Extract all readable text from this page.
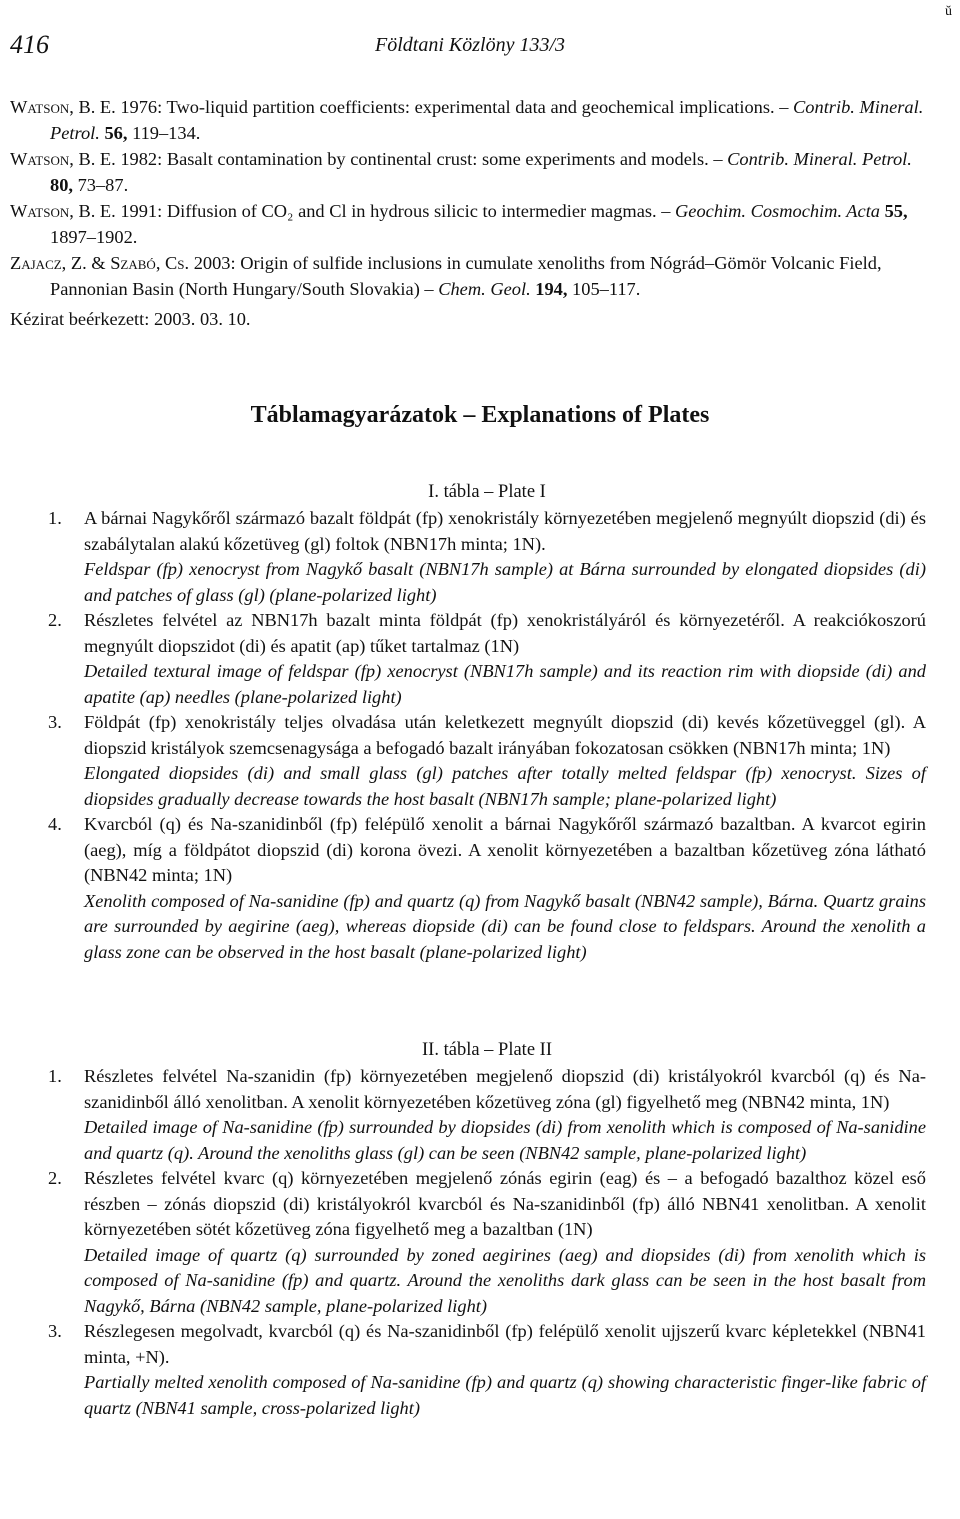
416	Földtani Közlöny 133/3
ŭ
Watson, B. E. 1976: Two-liquid partition coefficients: experimental data and geochemical implications. – Contrib. Mineral. Petrol. 56, 119–134.
Watson, B. E. 1982: Basalt contamination by continental crust: some experiments and models. – Contrib. Mineral. Petrol. 80, 73–87.
Watson, B. E. 1991: Diffusion of CO₂ and Cl in hydrous silicic to intermedier magmas. – Geochim. Cosmochim. Acta 55, 1897–1902.
Zajacz, Z. & Szabó, Cs. 2003: Origin of sulfide inclusions in cumulate xenoliths from Nógrád–Gömör Volcanic Field, Pannonian Basin (North Hungary/South Slovakia) – Chem. Geol. 194, 105–117.
Kézirat beérkezett: 2003. 03. 10.
Táblamagyarázatok – Explanations of Plates
I. tábla – Plate I
1. A bárnai Nagykőről származó bazalt földpát (fp) xenokristály környezetében megjelenő megnyúlt diopszid (di) és szabálytalan alakú kőzetüveg (gl) foltok (NBN17h minta; 1N).
Feldspar (fp) xenocryst from Nagykő basalt (NBN17h sample) at Bárna surrounded by elongated diopsides (di) and patches of glass (gl) (plane-polarized light)
2. Részletes felvétel az NBN17h bazalt minta földpát (fp) xenokristályáról és környezetéről. A reakciókoszorú megnyúlt diopszidot (di) és apatit (ap) tűket tartalmaz (1N)
Detailed textural image of feldspar (fp) xenocryst (NBN17h sample) and its reaction rim with diopside (di) and apatite (ap) needles (plane-polarized light)
3. Földpát (fp) xenokristály teljes olvadása után keletkezett megnyúlt diopszid (di) kevés kőzetüveggel (gl). A diopszid kristályok szemcsenagysága a befogadó bazalt irányában fokozatosan csökken (NBN17h minta; 1N)
Elongated diopsides (di) and small glass (gl) patches after totally melted feldspar (fp) xenocryst. Sizes of diopsides gradually decrease towards the host basalt (NBN17h sample; plane-polarized light)
4. Kvarcból (q) és Na-szanidinből (fp) felépülő xenolit a bárnai Nagykőről származó bazaltban. A kvarcot egirin (aeg), míg a földpátot diopszid (di) korona övezi. A xenolit környezetében a bazaltban kőzetüveg zóna látható (NBN42 minta; 1N)
Xenolith composed of Na-sanidine (fp) and quartz (q) from Nagykő basalt (NBN42 sample), Bárna. Quartz grains are surrounded by aegirine (aeg), whereas diopside (di) can be found close to feldspars. Around the xenolith a glass zone can be observed in the host basalt (plane-polarized light)
II. tábla – Plate II
1. Részletes felvétel Na-szanidin (fp) környezetében megjelenő diopszid (di) kristályokról kvarcból (q) és Na-szanidinből álló xenolitban. A xenolit környezetében kőzetüveg zóna (gl) figyelhető meg (NBN42 minta, 1N)
Detailed image of Na-sanidine (fp) surrounded by diopsides (di) from xenolith which is composed of Na-sanidine and quartz (q). Around the xenoliths glass (gl) can be seen (NBN42 sample, plane-polarized light)
2. Részletes felvétel kvarc (q) környezetében megjelenő zónás egirin (eag) és – a befogadó bazalthoz közel eső részben – zónás diopszid (di) kristályokról kvarcból és Na-szanidinből (fp) álló NBN41 xenolitban. A xenolit környezetében sötét kőzetüveg zóna figyelhető meg a bazaltban (1N)
Detailed image of quartz (q) surrounded by zoned aegirines (aeg) and diopsides (di) from xenolith which is composed of Na-sanidine (fp) and quartz. Around the xenoliths dark glass can be seen in the host basalt from Nagykő, Bárna (NBN42 sample, plane-polarized light)
3. Részlegesen megolvadt, kvarcból (q) és Na-szanidinből (fp) felépülő xenolit ujjszerű kvarc képletekkel (NBN41 minta, +N).
Partially melted xenolith composed of Na-sanidine (fp) and quartz (q) showing characteristic finger-like fabric of quartz (NBN41 sample, cross-polarized light)
